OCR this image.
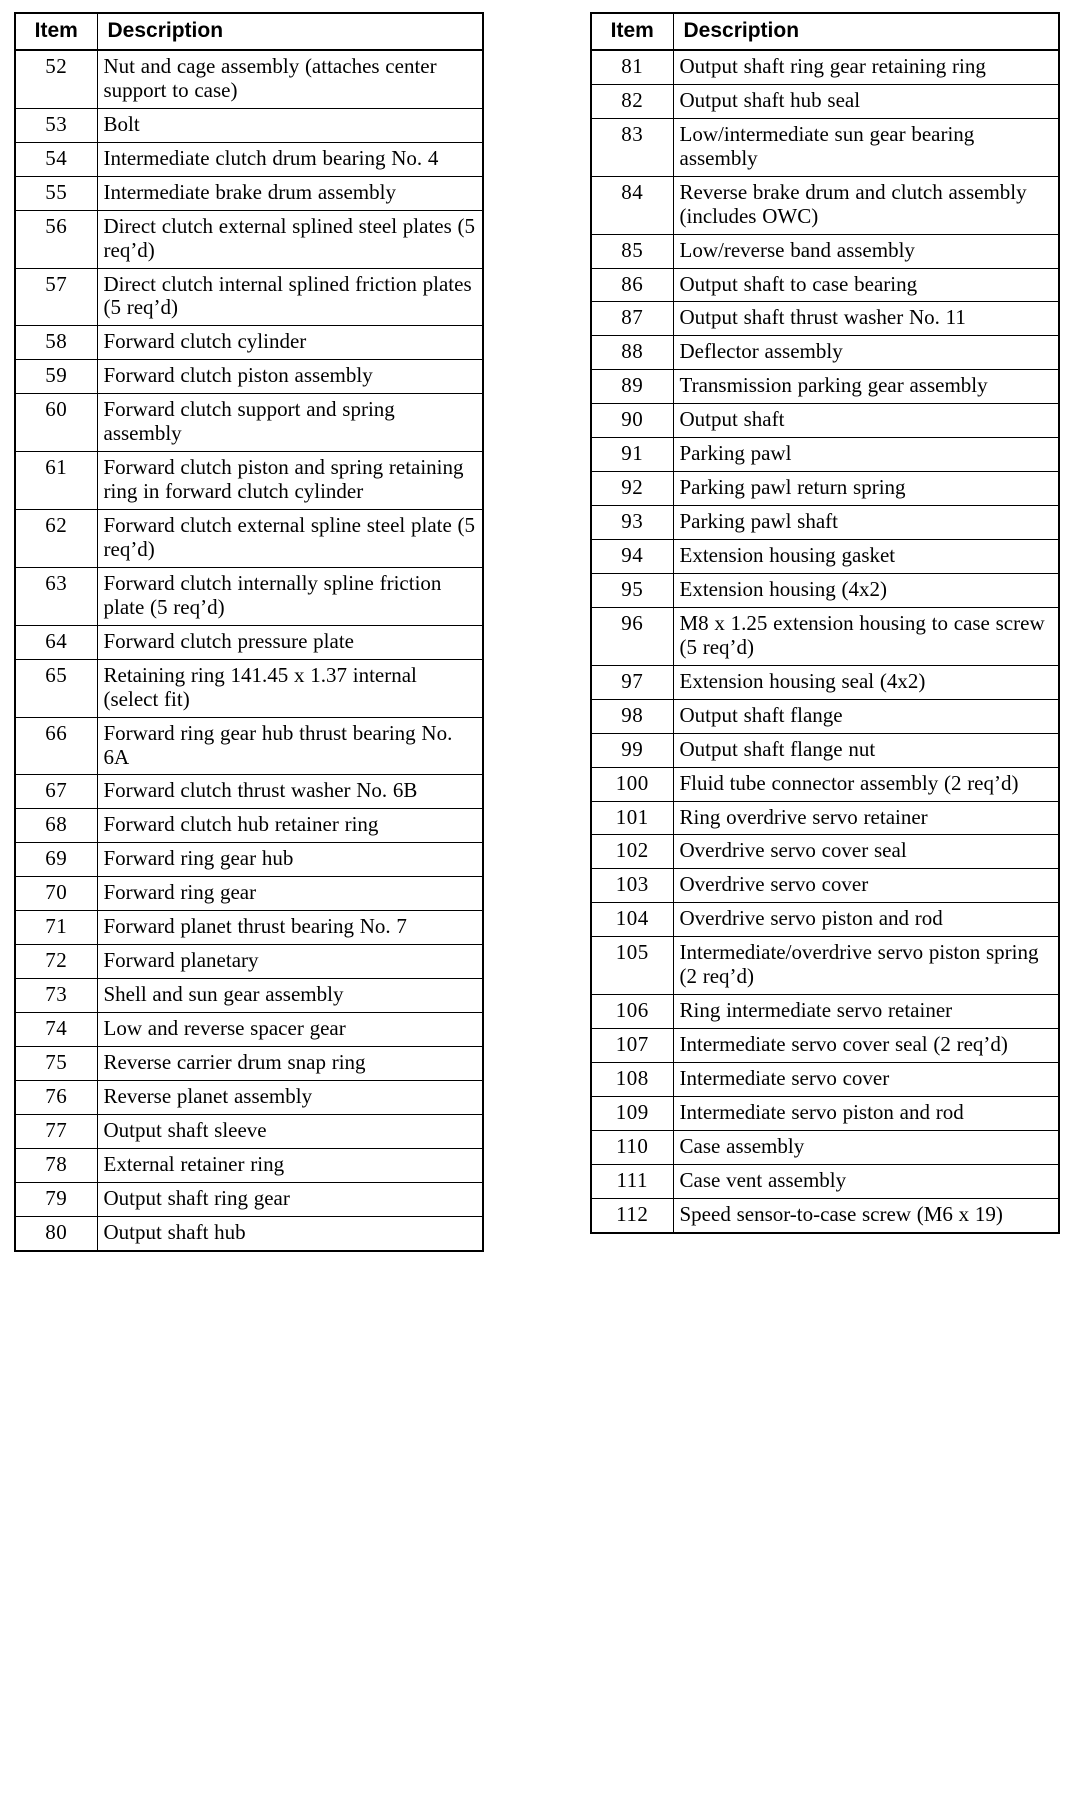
Item	Description
52	Nut and cage assembly (attaches center support to case)
53	Bolt
54	Intermediate clutch drum bearing No. 4
55	Intermediate brake drum assembly
56	Direct clutch external splined steel plates (5 req’d)
57	Direct clutch internal splined friction plates (5 req’d)
58	Forward clutch cylinder
59	Forward clutch piston assembly
60	Forward clutch support and spring assembly
61	Forward clutch piston and spring retaining ring in forward clutch cylinder
62	Forward clutch external spline steel plate (5 req’d)
63	Forward clutch internally spline friction plate (5 req’d)
64	Forward clutch pressure plate
65	Retaining ring 141.45 x 1.37 internal (select fit)
66	Forward ring gear hub thrust bearing No. 6A
67	Forward clutch thrust washer No. 6B
68	Forward clutch hub retainer ring
69	Forward ring gear hub
70	Forward ring gear
71	Forward planet thrust bearing No. 7
72	Forward planetary
73	Shell and sun gear assembly
74	Low and reverse spacer gear
75	Reverse carrier drum snap ring
76	Reverse planet assembly
77	Output shaft sleeve
78	External retainer ring
79	Output shaft ring gear
80	Output shaft hub
Item	Description
81	Output shaft ring gear retaining ring
82	Output shaft hub seal
83	Low/intermediate sun gear bearing assembly
84	Reverse brake drum and clutch assembly (includes OWC)
85	Low/reverse band assembly
86	Output shaft to case bearing
87	Output shaft thrust washer No. 11
88	Deflector assembly
89	Transmission parking gear assembly
90	Output shaft
91	Parking pawl
92	Parking pawl return spring
93	Parking pawl shaft
94	Extension housing gasket
95	Extension housing (4x2)
96	M8 x 1.25 extension housing to case screw (5 req’d)
97	Extension housing seal (4x2)
98	Output shaft flange
99	Output shaft flange nut
100	Fluid tube connector assembly (2 req’d)
101	Ring overdrive servo retainer
102	Overdrive servo cover seal
103	Overdrive servo cover
104	Overdrive servo piston and rod
105	Intermediate/overdrive servo piston spring (2 req’d)
106	Ring intermediate servo retainer
107	Intermediate servo cover seal (2 req’d)
108	Intermediate servo cover
109	Intermediate servo piston and rod
110	Case assembly
111	Case vent assembly
112	Speed sensor-to-case screw (M6 x 19)
